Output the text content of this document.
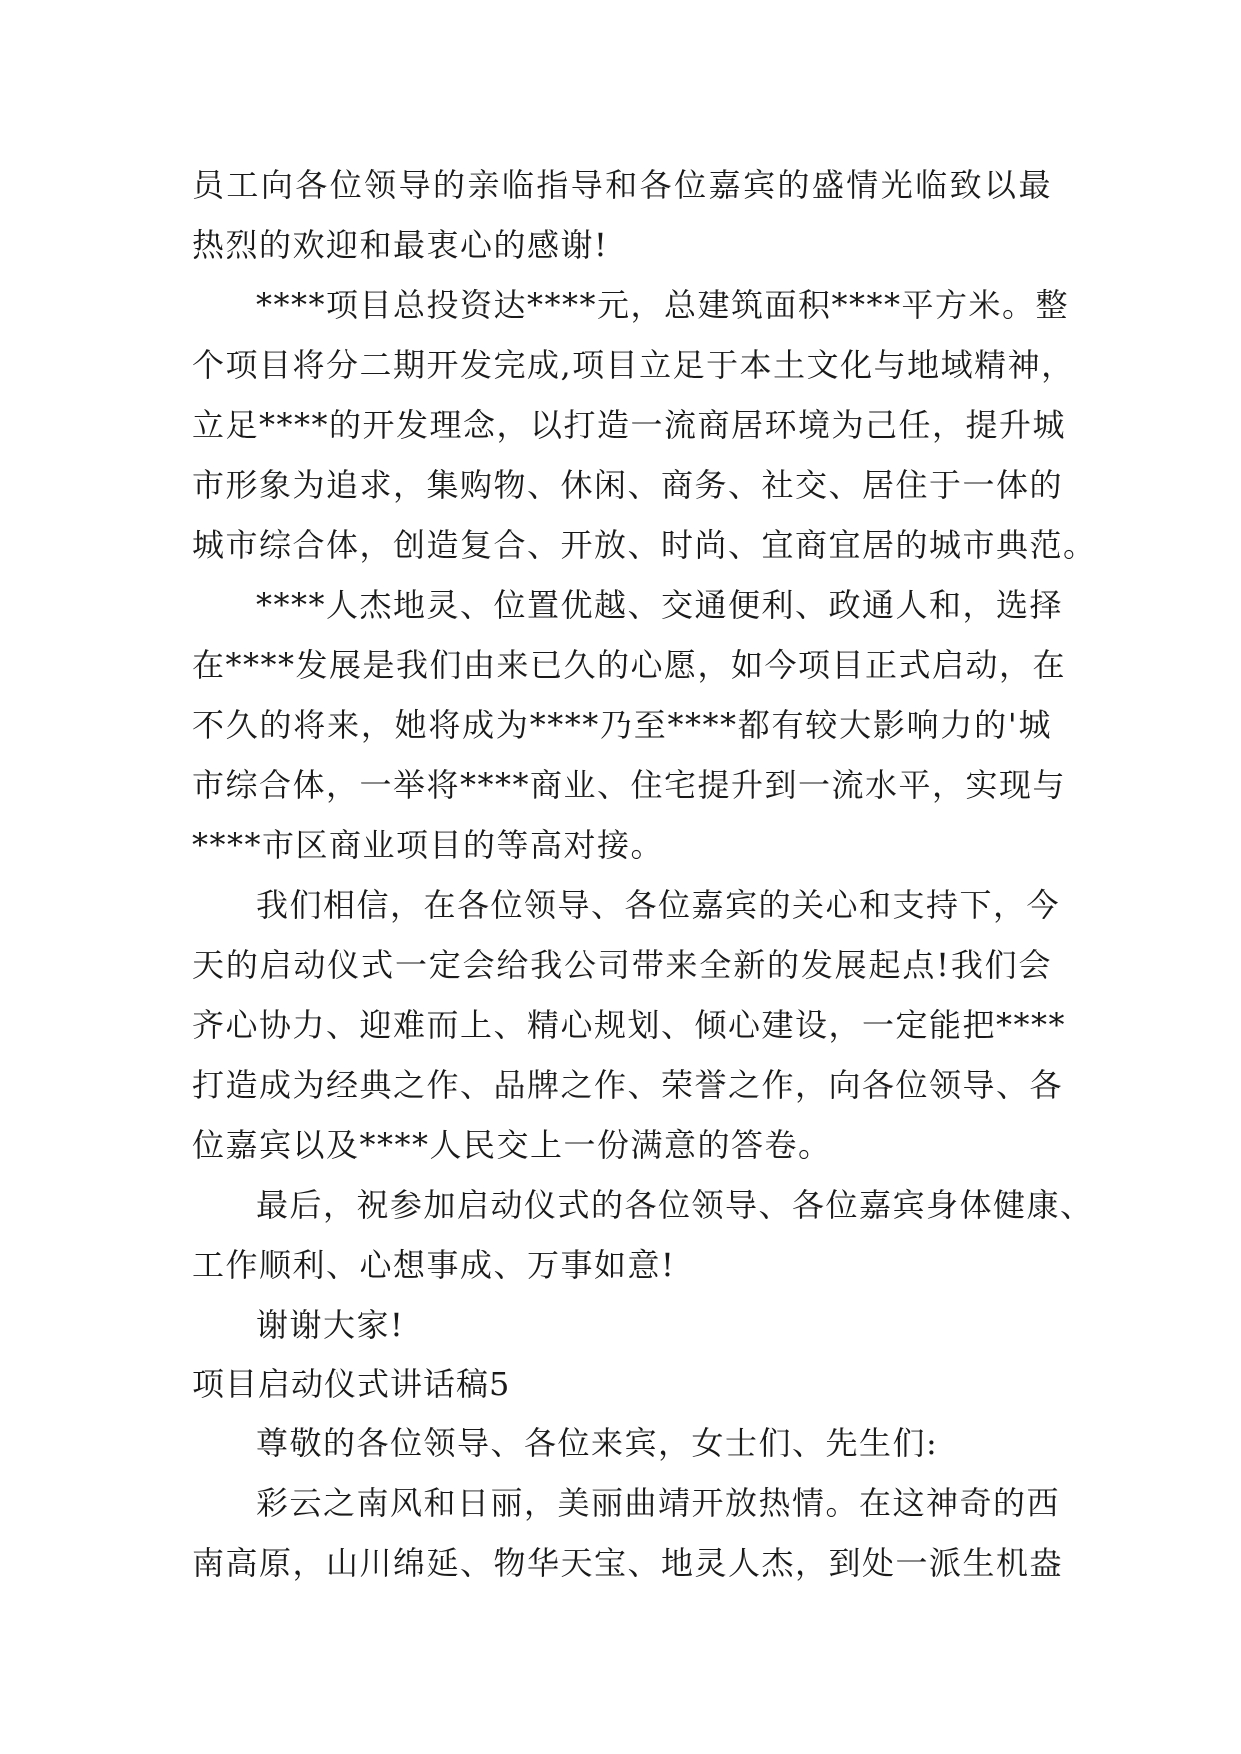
员工向各位领导的亲临指导和各位嘉宾的盛情光临致以最
热烈的欢迎和最衷心的感谢!
****项目总投资达****元，总建筑面积****平方米。整
个项目将分二期开发完成,项目立足于本土文化与地域精神，
立足****的开发理念，以打造一流商居环境为己任，提升城
市形象为追求，集购物、休闲、商务、社交、居住于一体的
城市综合体，创造复合、开放、时尚、宜商宜居的城市典范。
****人杰地灵、位置优越、交通便利、政通人和，选择
在****发展是我们由来已久的心愿，如今项目正式启动，在
不久的将来，她将成为****乃至****都有较大影响力的'城
市综合体，一举将****商业、住宅提升到一流水平，实现与
****市区商业项目的等高对接。
我们相信，在各位领导、各位嘉宾的关心和支持下，今
天的启动仪式一定会给我公司带来全新的发展起点!我们会
齐心协力、迎难而上、精心规划、倾心建设，一定能把****
打造成为经典之作、品牌之作、荣誉之作，向各位领导、各
位嘉宾以及****人民交上一份满意的答卷。
最后，祝参加启动仪式的各位领导、各位嘉宾身体健康、
工作顺利、心想事成、万事如意!
谢谢大家!
项目启动仪式讲话稿5
尊敬的各位领导、各位来宾，女士们、先生们:
彩云之南风和日丽，美丽曲靖开放热情。在这神奇的西
南高原，山川绵延、物华天宝、地灵人杰，到处一派生机盎
